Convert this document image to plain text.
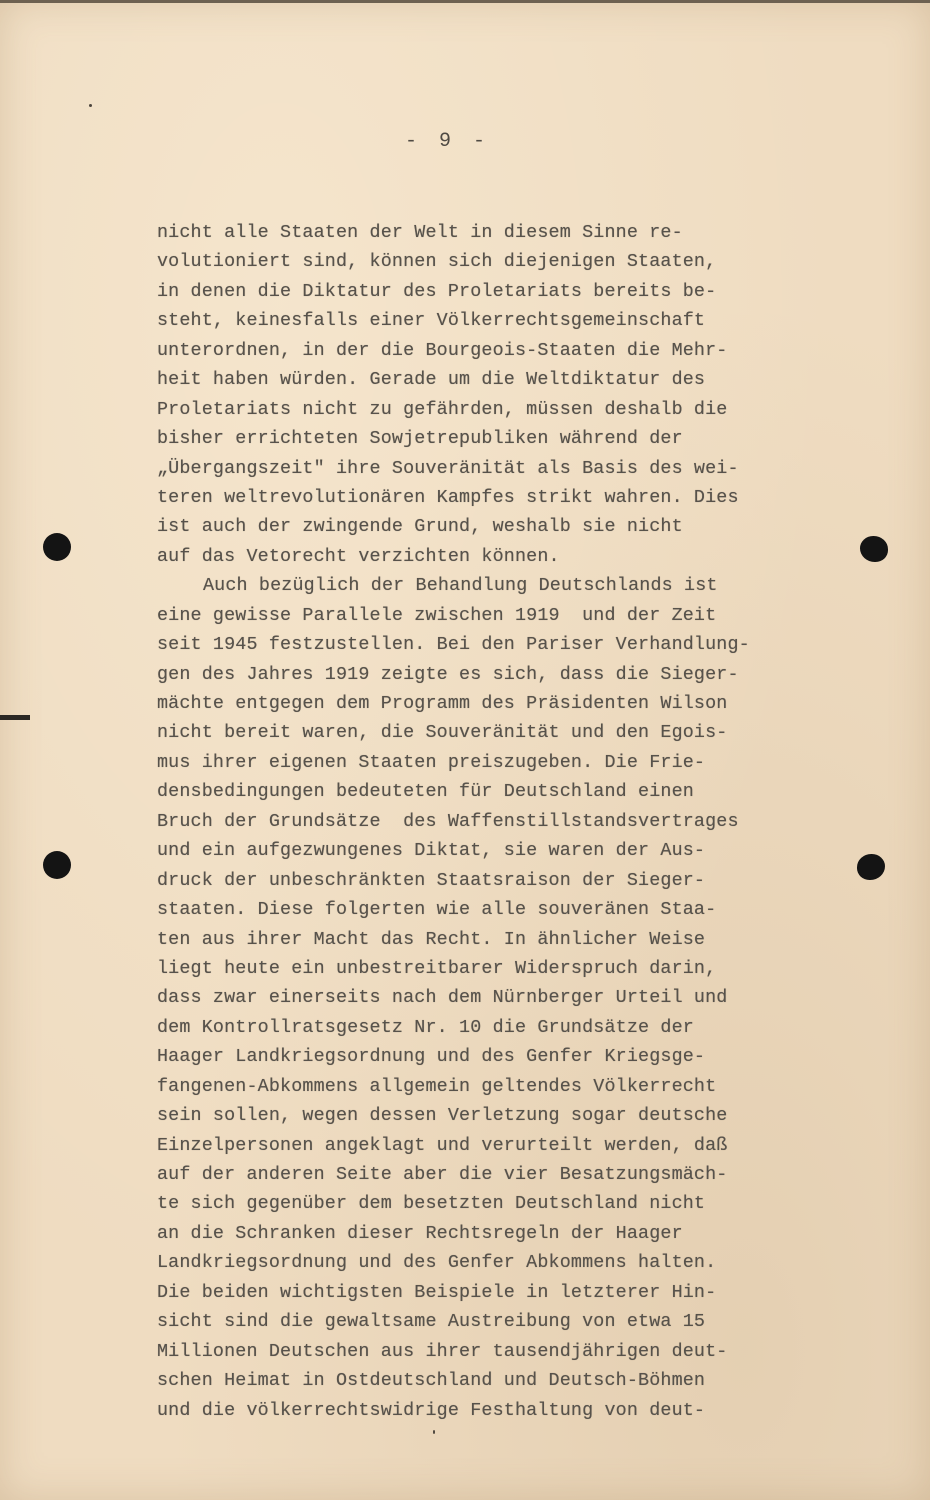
- 9 -
nicht alle Staaten der Welt in diesem Sinne re-
volutioniert sind, können sich diejenigen Staaten,
in denen die Diktatur des Proletariats bereits be-
steht, keinesfalls einer Völkerrechtsgemeinschaft
unterordnen, in der die Bourgeois-Staaten die Mehr-
heit haben würden. Gerade um die Weltdiktatur des
Proletariats nicht zu gefährden, müssen deshalb die
bisher errichteten Sowjetrepubliken während der
„Übergangszeit" ihre Souveränität als Basis des wei-
teren weltrevolutionären Kampfes strikt wahren. Dies
ist auch der zwingende Grund, weshalb sie nicht
auf das Vetorecht verzichten können.
Auch bezüglich der Behandlung Deutschlands ist
eine gewisse Parallele zwischen 1919  und der Zeit
seit 1945 festzustellen. Bei den Pariser Verhandlung-
gen des Jahres 1919 zeigte es sich, dass die Sieger-
mächte entgegen dem Programm des Präsidenten Wilson
nicht bereit waren, die Souveränität und den Egois-
mus ihrer eigenen Staaten preiszugeben. Die Frie-
densbedingungen bedeuteten für Deutschland einen
Bruch der Grundsätze  des Waffenstillstandsvertrages
und ein aufgezwungenes Diktat, sie waren der Aus-
druck der unbeschränkten Staatsraison der Sieger-
staaten. Diese folgerten wie alle souveränen Staa-
ten aus ihrer Macht das Recht. In ähnlicher Weise
liegt heute ein unbestreitbarer Widerspruch darin,
dass zwar einerseits nach dem Nürnberger Urteil und
dem Kontrollratsgesetz Nr. 10 die Grundsätze der
Haager Landkriegsordnung und des Genfer Kriegsge-
fangenen-Abkommens allgemein geltendes Völkerrecht
sein sollen, wegen dessen Verletzung sogar deutsche
Einzelpersonen angeklagt und verurteilt werden, daß
auf der anderen Seite aber die vier Besatzungsmäch-
te sich gegenüber dem besetzten Deutschland nicht
an die Schranken dieser Rechtsregeln der Haager
Landkriegsordnung und des Genfer Abkommens halten.
Die beiden wichtigsten Beispiele in letzterer Hin-
sicht sind die gewaltsame Austreibung von etwa 15
Millionen Deutschen aus ihrer tausendjährigen deut-
schen Heimat in Ostdeutschland und Deutsch-Böhmen
und die völkerrechtswidrige Festhaltung von deut-
